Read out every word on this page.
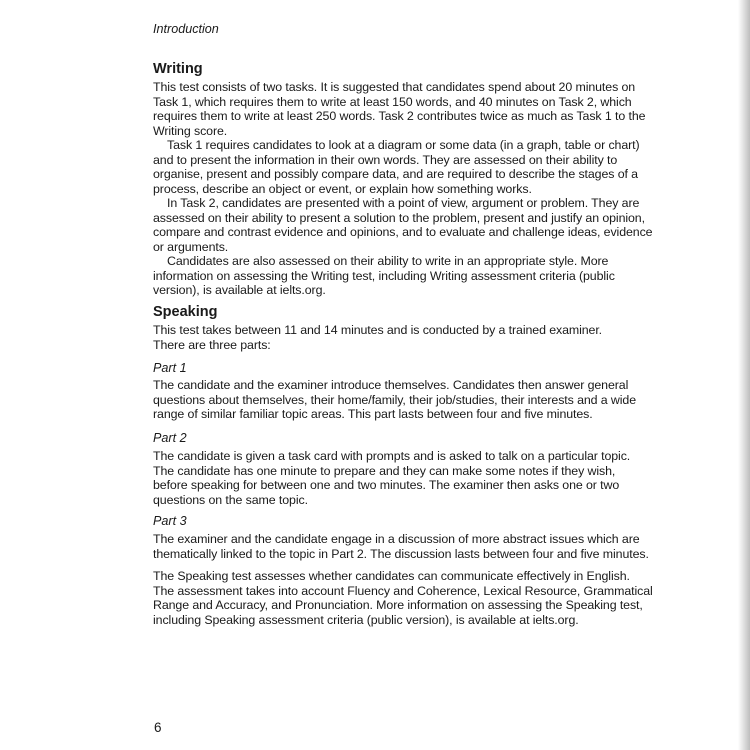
Introduction
Writing
This test consists of two tasks. It is suggested that candidates spend about 20 minutes on
Task 1, which requires them to write at least 150 words, and 40 minutes on Task 2, which
requires them to write at least 250 words. Task 2 contributes twice as much as Task 1 to the
Writing score.
Task 1 requires candidates to look at a diagram or some data (in a graph, table or chart)
and to present the information in their own words. They are assessed on their ability to
organise, present and possibly compare data, and are required to describe the stages of a
process, describe an object or event, or explain how something works.
In Task 2, candidates are presented with a point of view, argument or problem. They are
assessed on their ability to present a solution to the problem, present and justify an opinion,
compare and contrast evidence and opinions, and to evaluate and challenge ideas, evidence
or arguments.
Candidates are also assessed on their ability to write in an appropriate style. More
information on assessing the Writing test, including Writing assessment criteria (public
version), is available at ielts.org.
Speaking
This test takes between 11 and 14 minutes and is conducted by a trained examiner.
There are three parts:
Part 1
The candidate and the examiner introduce themselves. Candidates then answer general
questions about themselves, their home/family, their job/studies, their interests and a wide
range of similar familiar topic areas. This part lasts between four and five minutes.
Part 2
The candidate is given a task card with prompts and is asked to talk on a particular topic.
The candidate has one minute to prepare and they can make some notes if they wish,
before speaking for between one and two minutes. The examiner then asks one or two
questions on the same topic.
Part 3
The examiner and the candidate engage in a discussion of more abstract issues which are
thematically linked to the topic in Part 2. The discussion lasts between four and five minutes.
The Speaking test assesses whether candidates can communicate effectively in English.
The assessment takes into account Fluency and Coherence, Lexical Resource, Grammatical
Range and Accuracy, and Pronunciation. More information on assessing the Speaking test,
including Speaking assessment criteria (public version), is available at ielts.org.
6
